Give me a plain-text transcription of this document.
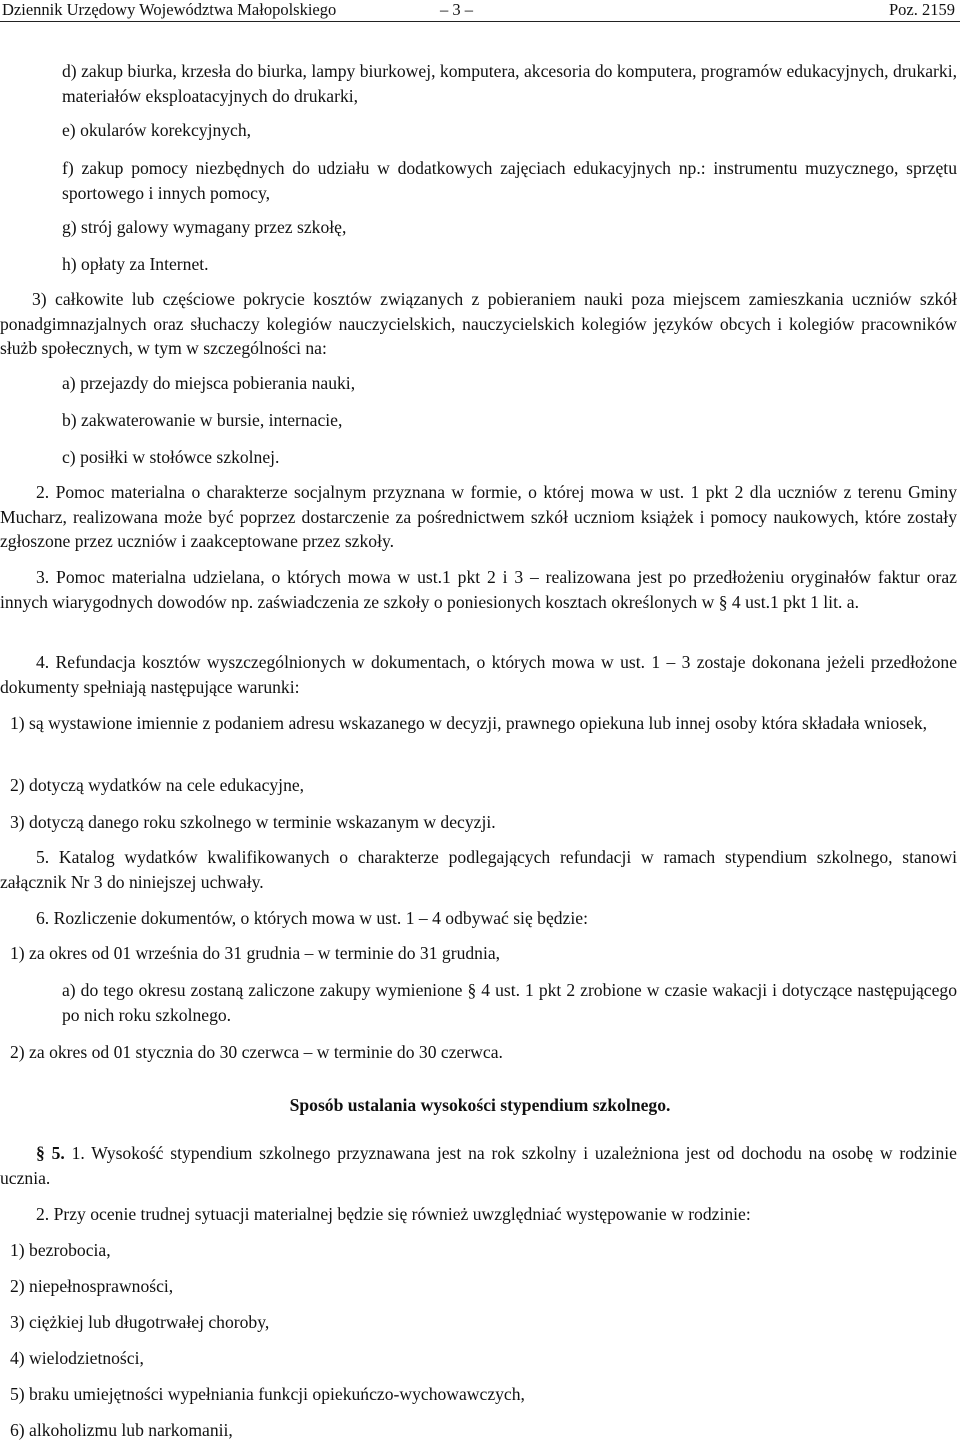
Dziennik Urzędowy Województwa Małopolskiego	– 3 –	Poz. 2159

d) zakup biurka, krzesła do biurka, lampy biurkowej, komputera, akcesoria do komputera, programów edukacyjnych, drukarki, materiałów eksploatacyjnych do drukarki,

e) okularów korekcyjnych,

f) zakup pomocy niezbędnych do udziału w dodatkowych zajęciach edukacyjnych np.: instrumentu muzycznego, sprzętu sportowego i innych pomocy,

g) strój galowy wymagany przez szkołę,

h) opłaty za Internet.

3) całkowite lub częściowe pokrycie kosztów związanych z pobieraniem nauki poza miejscem zamieszkania uczniów szkół ponadgimnazjalnych oraz słuchaczy kolegiów nauczycielskich, nauczycielskich kolegiów języków obcych i kolegiów pracowników służb społecznych, w tym w szczególności na:

a) przejazdy do miejsca pobierania nauki,

b) zakwaterowanie w bursie, internacie,

c) posiłki w stołówce szkolnej.

2. Pomoc materialna o charakterze socjalnym przyznana w formie, o której mowa w ust. 1 pkt 2 dla uczniów z terenu Gminy Mucharz, realizowana może być poprzez dostarczenie za pośrednictwem szkół uczniom książek i pomocy naukowych, które zostały zgłoszone przez uczniów i zaakceptowane przez szkoły.

3. Pomoc materialna udzielana, o których mowa w ust.1 pkt 2 i 3 – realizowana jest po przedłożeniu oryginałów faktur oraz innych wiarygodnych dowodów np. zaświadczenia ze szkoły o poniesionych kosztach określonych w § 4 ust.1 pkt 1 lit. a.

4. Refundacja kosztów wyszczególnionych w dokumentach, o których mowa w ust. 1 – 3 zostaje dokonana jeżeli przedłożone dokumenty spełniają następujące warunki:

1) są wystawione imiennie z podaniem adresu wskazanego w decyzji, prawnego opiekuna lub innej osoby która składała wniosek,

2) dotyczą wydatków na cele edukacyjne,

3) dotyczą danego roku szkolnego w terminie wskazanym w decyzji.

5. Katalog wydatków kwalifikowanych o charakterze podlegających refundacji w ramach stypendium szkolnego, stanowi załącznik Nr 3 do niniejszej uchwały.

6. Rozliczenie dokumentów, o których mowa w ust. 1 – 4 odbywać się będzie:

1) za okres od 01 września do 31 grudnia – w terminie do 31 grudnia,

a) do tego okresu zostaną zaliczone zakupy wymienione § 4 ust. 1 pkt 2 zrobione w czasie wakacji i dotyczące następującego po nich roku szkolnego.

2) za okres od 01 stycznia do 30 czerwca – w terminie do 30 czerwca.

Sposób ustalania wysokości stypendium szkolnego.

§ 5. 1. Wysokość stypendium szkolnego przyznawana jest na rok szkolny i uzależniona jest od dochodu na osobę w rodzinie ucznia.

2. Przy ocenie trudnej sytuacji materialnej będzie się również uwzględniać występowanie w rodzinie:

1) bezrobocia,

2) niepełnosprawności,

3) ciężkiej lub długotrwałej choroby,

4) wielodzietności,

5) braku umiejętności wypełniania funkcji opiekuńczo-wychowawczych,

6) alkoholizmu lub narkomanii,
